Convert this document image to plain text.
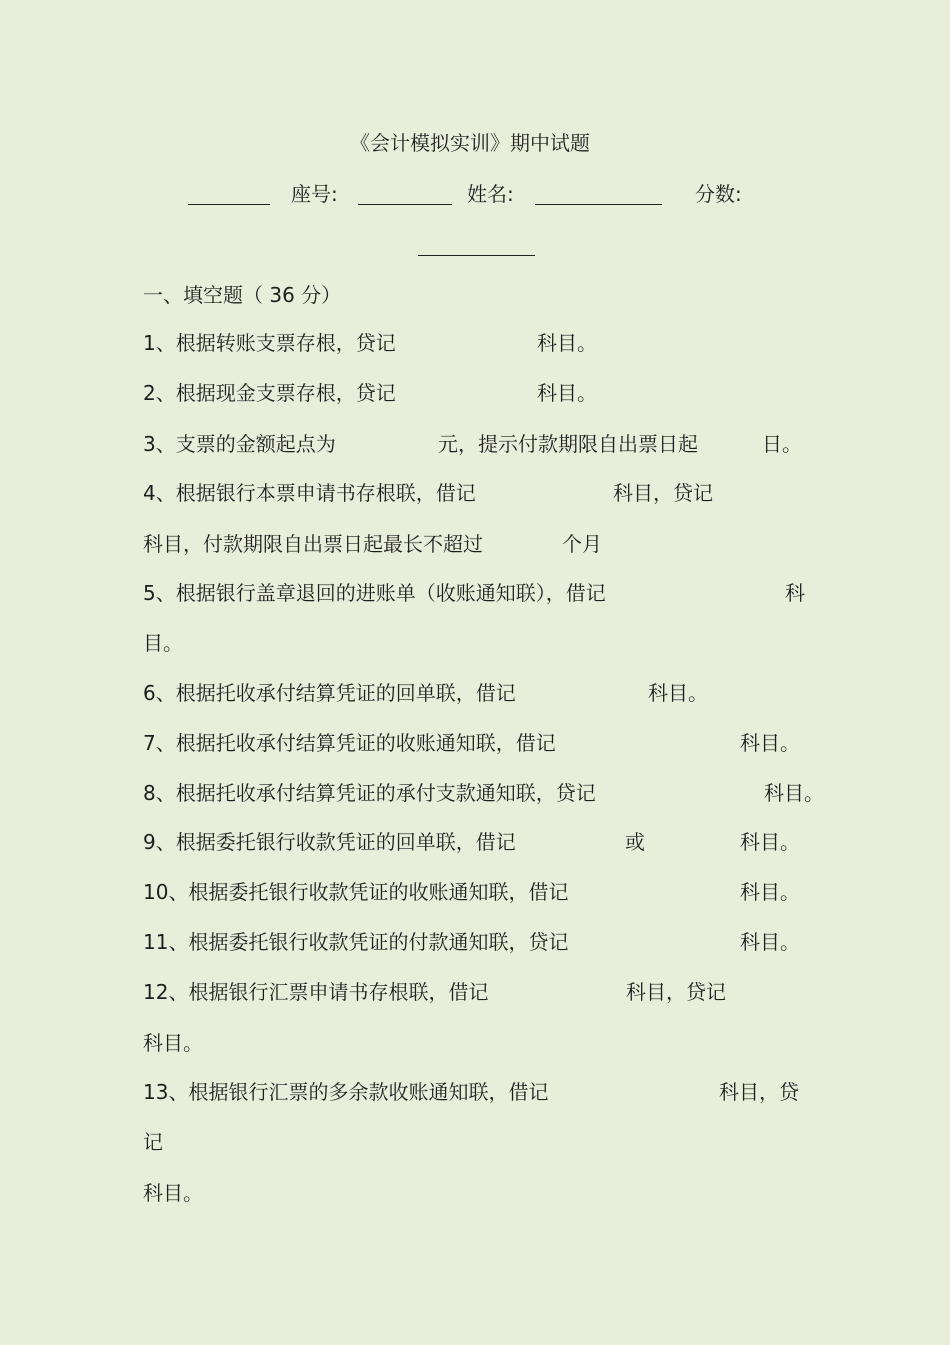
《会计模拟实训》期中试题
座号:	姓名:	分数:
一、填空题（ 36 分）
1、根据转账支票存根，贷记	科目。
2、根据现金支票存根，贷记	科目。
3、支票的金额起点为	元，提示付款期限自出票日起	日。
4、根据银行本票申请书存根联，借记	科目，贷记
科目，付款期限自出票日起最长不超过	个月
5、根据银行盖章退回的进账单（收账通知联），借记	科
目。
6、根据托收承付结算凭证的回单联，借记	科目。
7、根据托收承付结算凭证的收账通知联，借记	科目。
8、根据托收承付结算凭证的承付支款通知联，贷记	科目。
9、根据委托银行收款凭证的回单联，借记	或	科目。
10、根据委托银行收款凭证的收账通知联，借记	科目。
11、根据委托银行收款凭证的付款通知联，贷记	科目。
12、根据银行汇票申请书存根联，借记	科目，贷记
科目。
13、根据银行汇票的多余款收账通知联，借记	科目，贷
记
科目。
